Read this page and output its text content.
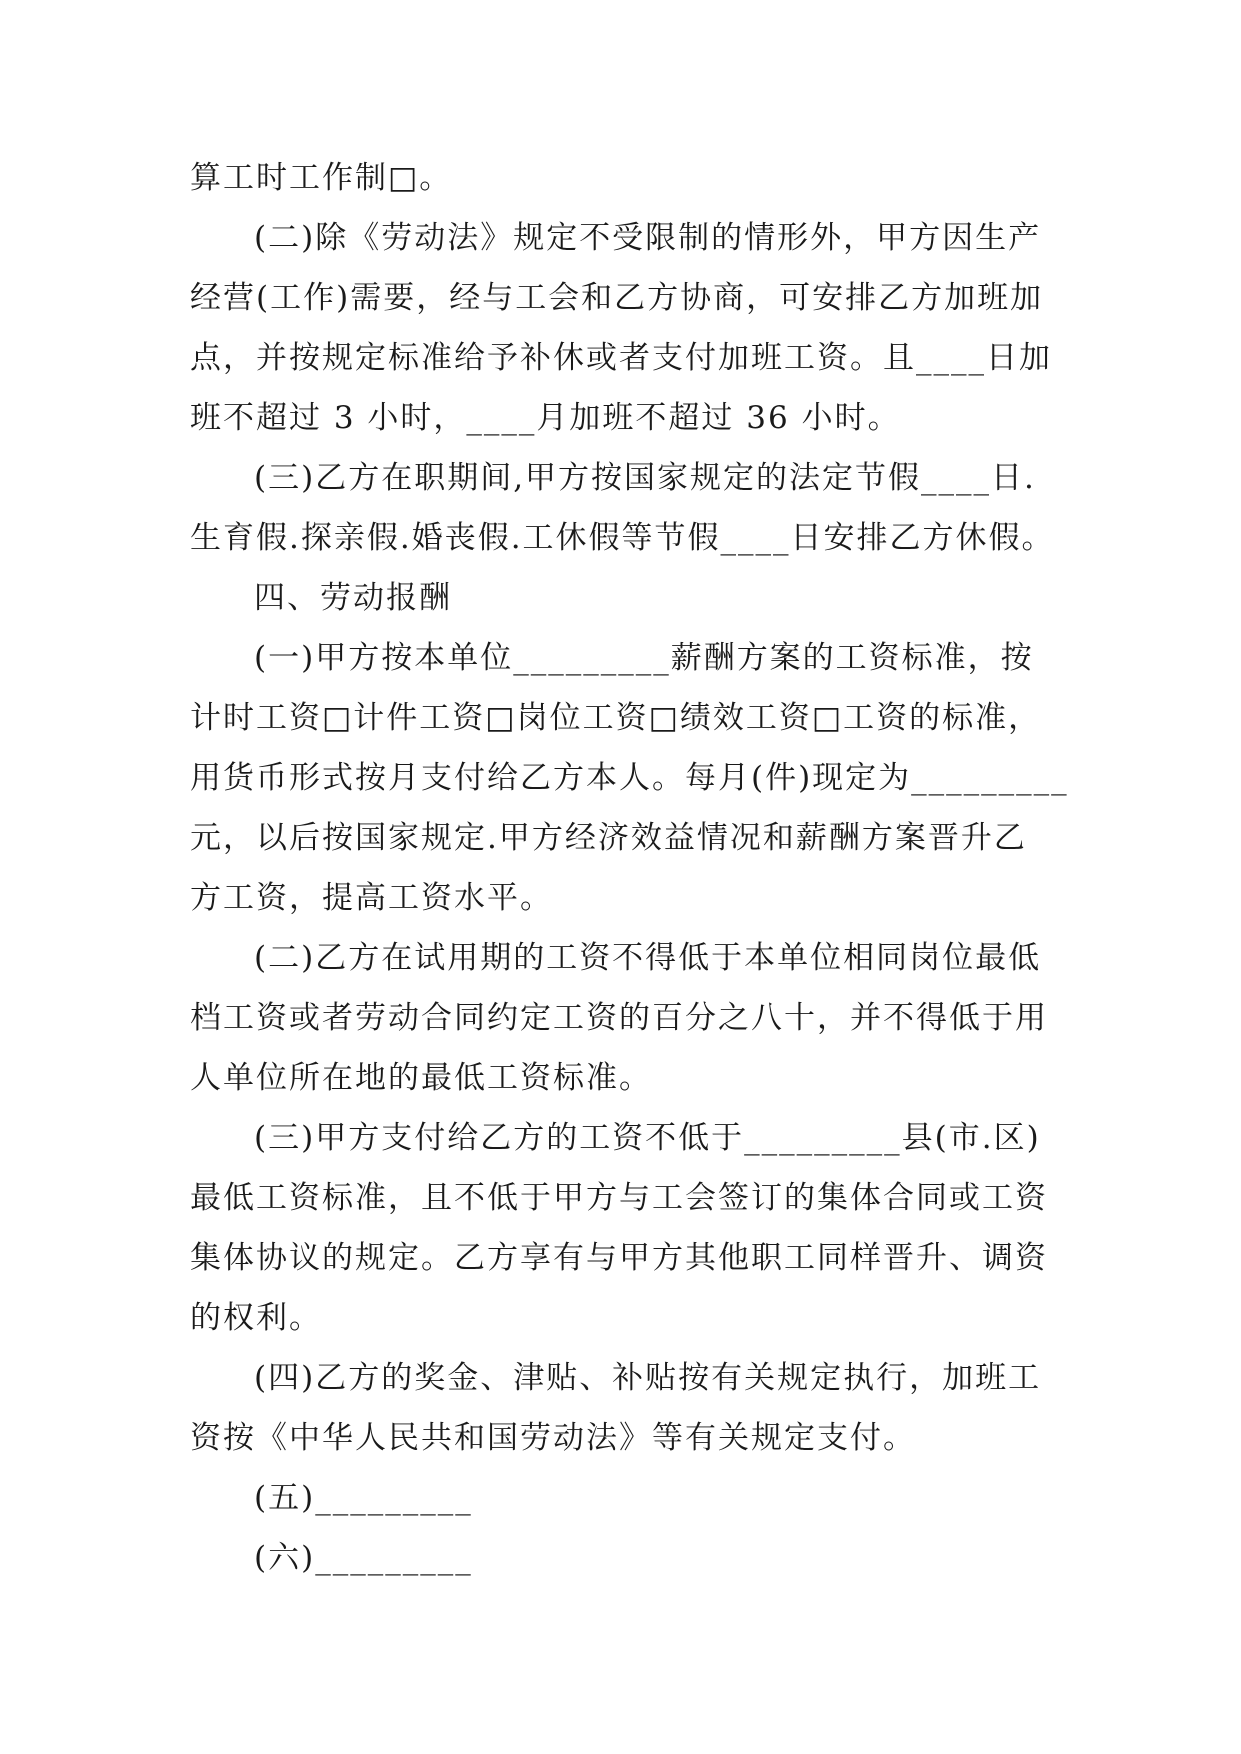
算工时工作制□。
(二)除《劳动法》规定不受限制的情形外，甲方因生产
经营(工作)需要，经与工会和乙方协商，可安排乙方加班加
点，并按规定标准给予补休或者支付加班工资。且____日加
班不超过 3 小时，____月加班不超过 36 小时。
(三)乙方在职期间,甲方按国家规定的法定节假____日.
生育假.探亲假.婚丧假.工休假等节假____日安排乙方休假。
四、劳动报酬
(一)甲方按本单位_________薪酬方案的工资标准，按
计时工资□计件工资□岗位工资□绩效工资□工资的标准，
用货币形式按月支付给乙方本人。每月(件)现定为_________
元，以后按国家规定.甲方经济效益情况和薪酬方案晋升乙
方工资，提高工资水平。
(二)乙方在试用期的工资不得低于本单位相同岗位最低
档工资或者劳动合同约定工资的百分之八十，并不得低于用
人单位所在地的最低工资标准。
(三)甲方支付给乙方的工资不低于_________县(市.区)
最低工资标准，且不低于甲方与工会签订的集体合同或工资
集体协议的规定。乙方享有与甲方其他职工同样晋升、调资
的权利。
(四)乙方的奖金、津贴、补贴按有关规定执行，加班工
资按《中华人民共和国劳动法》等有关规定支付。
(五)_________
(六)_________
